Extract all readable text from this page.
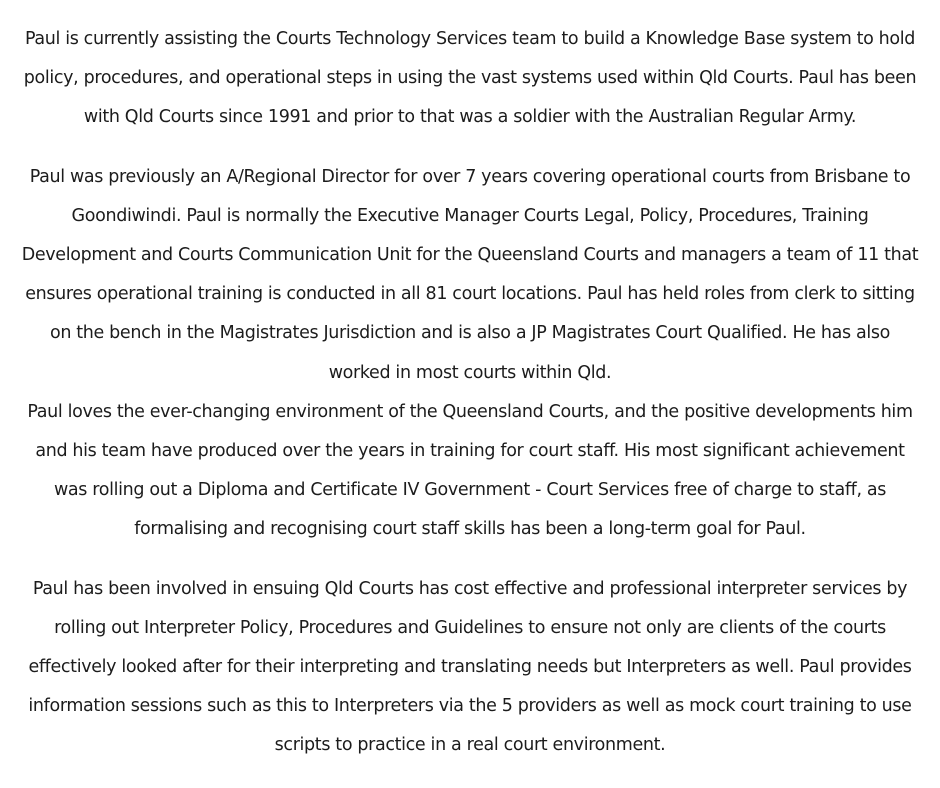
Paul is currently assisting the Courts Technology Services team to build a Knowledge Base system to hold policy, procedures, and operational steps in using the vast systems used within Qld Courts. Paul has been with Qld Courts since 1991 and prior to that was a soldier with the Australian Regular Army.

Paul was previously an A/Regional Director for over 7 years covering operational courts from Brisbane to Goondiwindi. Paul is normally the Executive Manager Courts Legal, Policy, Procedures, Training Development and Courts Communication Unit for the Queensland Courts and managers a team of 11 that ensures operational training is conducted in all 81 court locations. Paul has held roles from clerk to sitting on the bench in the Magistrates Jurisdiction and is also a JP Magistrates Court Qualified. He has also worked in most courts within Qld.

Paul loves the ever-changing environment of the Queensland Courts, and the positive developments him and his team have produced over the years in training for court staff. His most significant achievement was rolling out a Diploma and Certificate IV Government - Court Services free of charge to staff, as formalising and recognising court staff skills has been a long-term goal for Paul.

Paul has been involved in ensuing Qld Courts has cost effective and professional interpreter services by rolling out Interpreter Policy, Procedures and Guidelines to ensure not only are clients of the courts effectively looked after for their interpreting and translating needs but Interpreters as well. Paul provides information sessions such as this to Interpreters via the 5 providers as well as mock court training to use scripts to practice in a real court environment.
